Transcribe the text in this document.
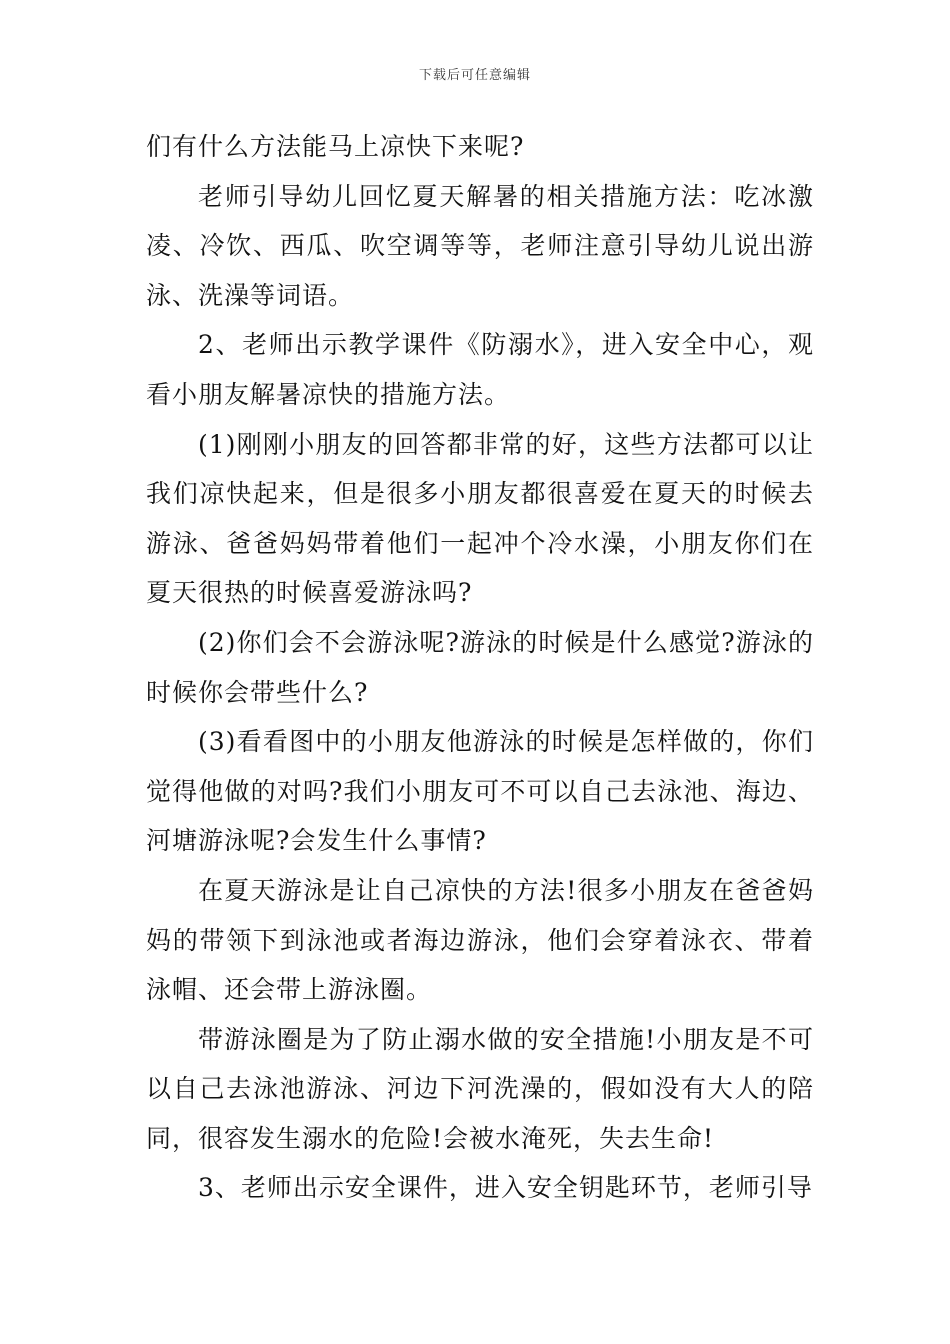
下载后可任意编辑

们有什么方法能马上凉快下来呢?

老师引导幼儿回忆夏天解暑的相关措施方法：吃冰激凌、冷饮、西瓜、吹空调等等，老师注意引导幼儿说出游泳、洗澡等词语。

2、老师出示教学课件《防溺水》，进入安全中心，观看小朋友解暑凉快的措施方法。

(1)刚刚小朋友的回答都非常的好，这些方法都可以让我们凉快起来，但是很多小朋友都很喜爱在夏天的时候去游泳、爸爸妈妈带着他们一起冲个冷水澡，小朋友你们在夏天很热的时候喜爱游泳吗?

(2)你们会不会游泳呢?游泳的时候是什么感觉?游泳的时候你会带些什么?

(3)看看图中的小朋友他游泳的时候是怎样做的，你们觉得他做的对吗?我们小朋友可不可以自己去泳池、海边、河塘游泳呢?会发生什么事情?

在夏天游泳是让自己凉快的方法!很多小朋友在爸爸妈妈的带领下到泳池或者海边游泳，他们会穿着泳衣、带着泳帽、还会带上游泳圈。

带游泳圈是为了防止溺水做的安全措施!小朋友是不可以自己去泳池游泳、河边下河洗澡的，假如没有大人的陪同，很容发生溺水的危险!会被水淹死，失去生命!

3、老师出示安全课件，进入安全钥匙环节，老师引导
